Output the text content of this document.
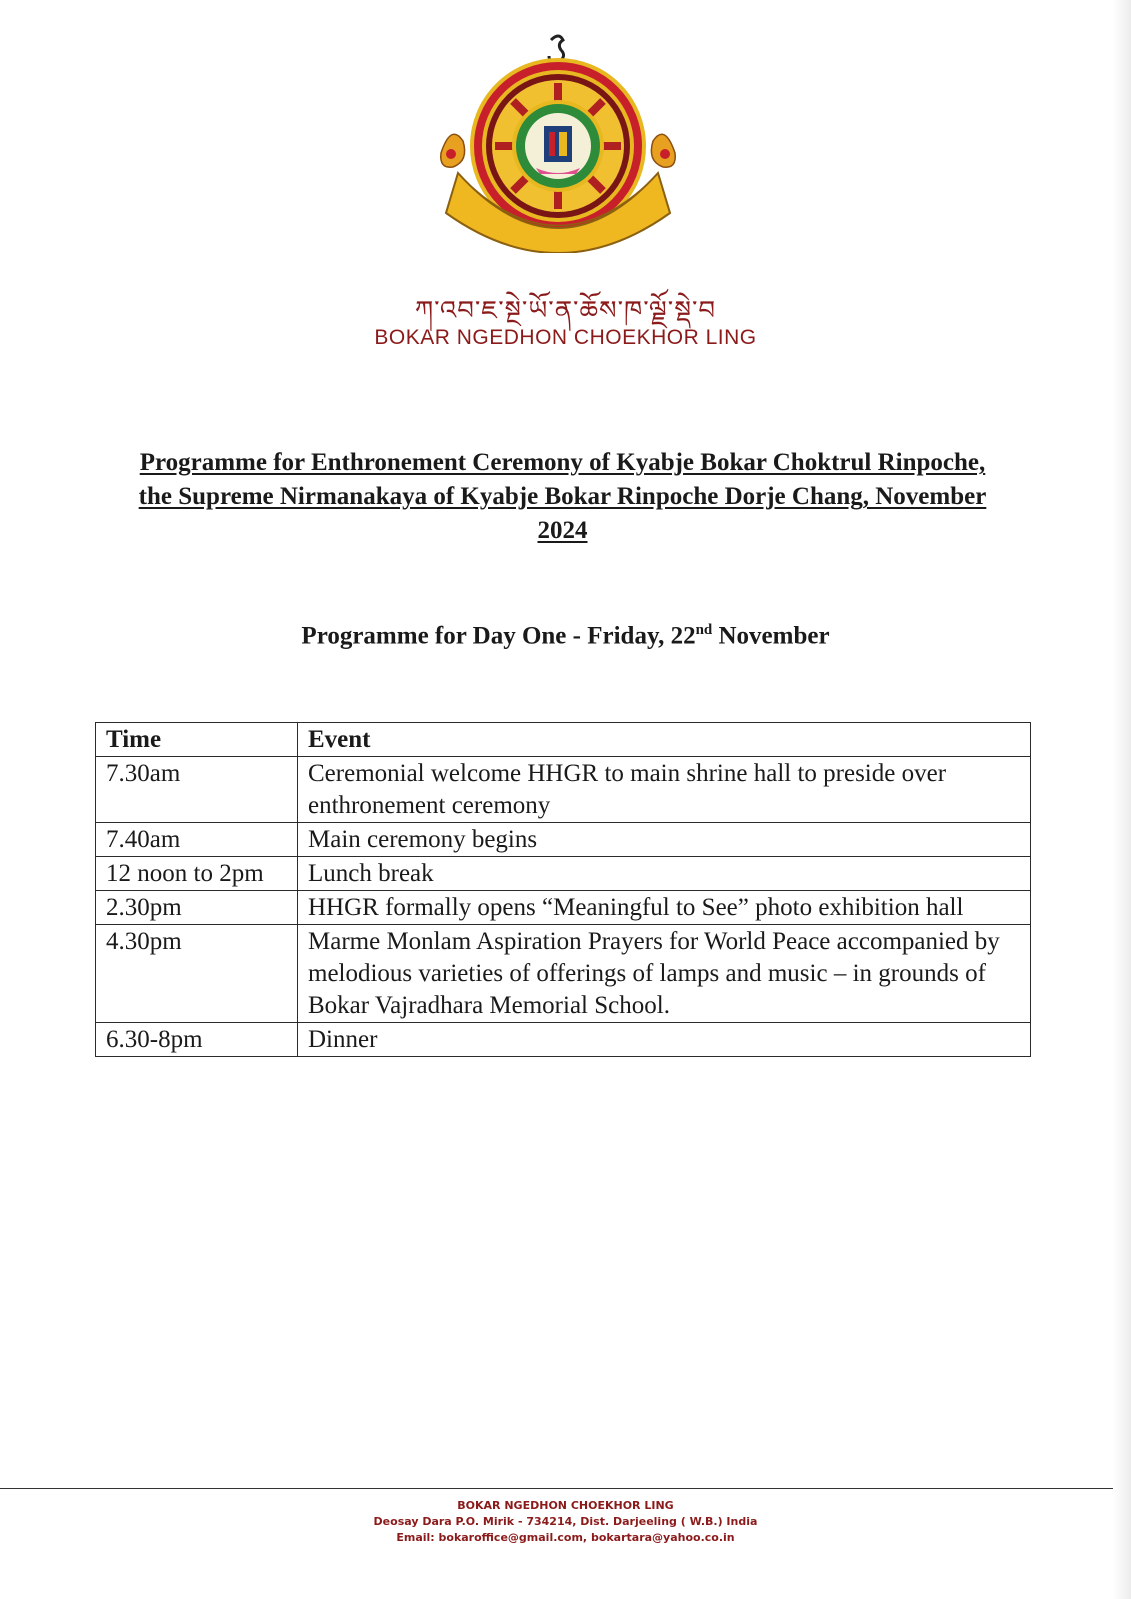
ཀ་འབ་ཇ་སྔེ་ཡོ་ན་ཆོས་ཁ་ལྗོ་སྡེ་བ
BOKAR NGEDHON CHOEKHOR LING
Programme for Enthronement Ceremony of Kyabje Bokar Choktrul Rinpoche, the Supreme Nirmanakaya of Kyabje Bokar Rinpoche Dorje Chang, November 2024
Programme for Day One - Friday, 22nd November
Time	Event
7.30am	Ceremonial welcome HHGR to main shrine hall to preside over enthronement ceremony
7.40am	Main ceremony begins
12 noon to 2pm	Lunch break
2.30pm	HHGR formally opens “Meaningful to See” photo exhibition hall
4.30pm	Marme Monlam Aspiration Prayers for World Peace accompanied by melodious varieties of offerings of lamps and music – in grounds of Bokar Vajradhara Memorial School.
6.30-8pm	Dinner
BOKAR NGEDHON CHOEKHOR LING
Deosay Dara P.O. Mirik - 734214, Dist. Darjeeling ( W.B.) India
Email: bokaroffice@gmail.com, bokartara@yahoo.co.in
